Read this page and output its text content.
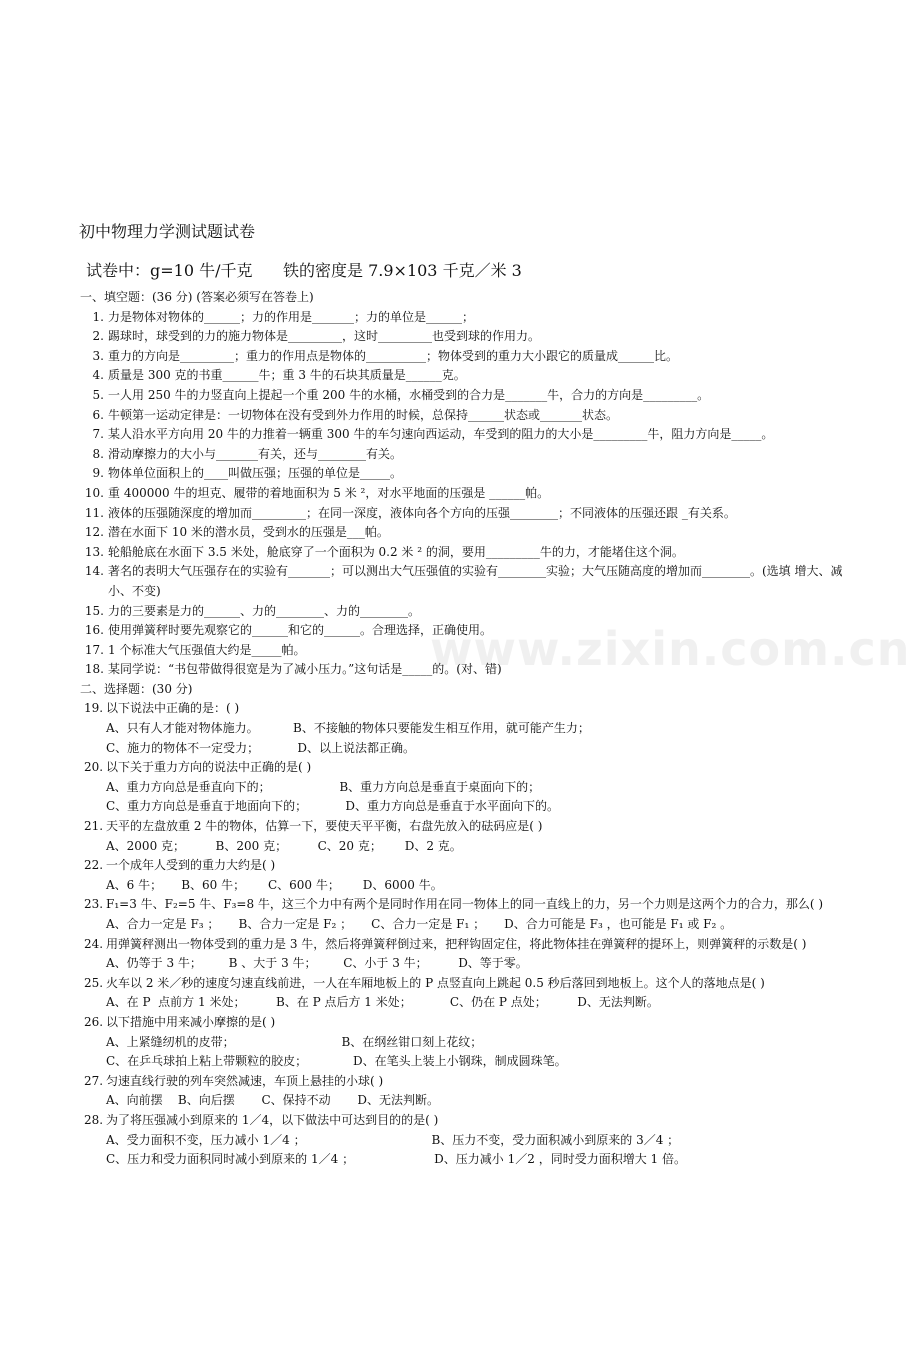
初中物理力学测试题试卷
试卷中：g=10 牛/千克      铁的密度是 7.9×103 千克／米 3
一、填空题：(36 分) (答案必须写在答卷上)
1. 力是物体对物体的______；力的作用是_______；力的单位是______；
2. 踢球时，球受到的力的施力物体是_________，这时_________也受到球的作用力。
3. 重力的方向是_________；重力的作用点是物体的__________；物体受到的重力大小跟它的质量成______比。
4. 质量是 300 克的书重______牛；重 3 牛的石块其质量是______克。
5. 一人用 250 牛的力竖直向上提起一个重 200 牛的水桶，水桶受到的合力是_______牛，合力的方向是_________。
6. 牛顿第一运动定律是：一切物体在没有受到外力作用的时候，总保持______状态或_______状态。
7. 某人沿水平方向用 20 牛的力推着一辆重 300 牛的车匀速向西运动，车受到的阻力的大小是_________牛，阻力方向是_____。
8. 滑动摩擦力的大小与_______有关，还与________有关。
9. 物体单位面积上的____叫做压强；压强的单位是_____。
10. 重 400000 牛的坦克、履带的着地面积为 5 米 ²，对水平地面的压强是 ______帕。
11. 液体的压强随深度的增加而_________；在同一深度，液体向各个方向的压强________；不同液体的压强还跟 _有关系。
12. 潜在水面下 10 米的潜水员，受到水的压强是___帕。
13. 轮船舱底在水面下 3.5 米处，舱底穿了一个面积为 0.2 米 ² 的洞，要用_________牛的力，才能堵住这个洞。
14. 著名的表明大气压强存在的实验有_______；可以测出大气压强值的实验有________实验；大气压随高度的增加而________。(选填 增大、减小、不变)
15. 力的三要素是力的______、力的________、力的________。
16. 使用弹簧秤时要先观察它的______和它的______。合理选择，正确使用。
17. 1 个标准大气压强值大约是_____帕。
18. 某同学说：“书包带做得很宽是为了减小压力。”这句话是_____的。(对、错)
二、选择题：(30 分)
19. 以下说法中正确的是：( )
A、只有人才能对物体施力。         B、不接触的物体只要能发生相互作用，就可能产生力；
C、施力的物体不一定受力；          D、以上说法都正确。
20. 以下关于重力方向的说法中正确的是( )
A、重力方向总是垂直向下的；                  B、重力方向总是垂直于桌面向下的；
C、重力方向总是垂直于地面向下的；          D、重力方向总是垂直于水平面向下的。
21. 天平的左盘放重 2 牛的物体，估算一下，要使天平平衡，右盘先放入的砝码应是( )
A、2000 克；        B、200 克；        C、20 克；      D、2 克。
22. 一个成年人受到的重力大约是( )
A、6 牛；     B、60 牛；      C、600 牛；      D、6000 牛。
23. F₁=3 牛、F₂=5 牛、F₃=8 牛，这三个力中有两个是同时作用在同一物体上的同一直线上的力，另一个力则是这两个力的合力，那么( )
A、合力一定是 F₃ ；     B、合力一定是 F₂ ；     C、合力一定是 F₁ ；     D、合力可能是 F₃ ，也可能是 F₁ 或 F₂ 。
24. 用弹簧秤测出一物体受到的重力是 3 牛，然后将弹簧秤倒过来，把秤钩固定住，将此物体挂在弹簧秤的提环上，则弹簧秤的示数是( )
A、仍等于 3 牛；       B 、大于 3 牛；       C、小于 3 牛；        D、等于零。
25. 火车以 2 米／秒的速度匀速直线前进，一人在车厢地板上的 P 点竖直向上跳起 0.5 秒后落回到地板上。这个人的落地点是( )
A、在 P  点前方 1 米处；        B、在 P 点后方 1 米处；          C、仍在 P 点处；        D、无法判断。
26. 以下措施中用来减小摩擦的是( )
A、上紧缝纫机的皮带；                            B、在纲丝钳口刻上花纹；
C、在乒乓球拍上粘上带颗粒的胶皮；            D、在笔头上装上小钢珠，制成圆珠笔。
27. 匀速直线行驶的列车突然减速，车顶上悬挂的小球( )
A、向前摆    B、向后摆       C、保持不动       D、无法判断。
28. 为了将压强减小到原来的 1／4，以下做法中可达到目的的是( )
A、受力面积不变，压力减小 1／4 ；                                 B、压力不变，受力面积减小到原来的 3／4 ；
C、压力和受力面积同时减小到原来的 1／4 ；                     D、压力减小 1／2 ，同时受力面积增大 1 倍。
www.zixin.com.cn
